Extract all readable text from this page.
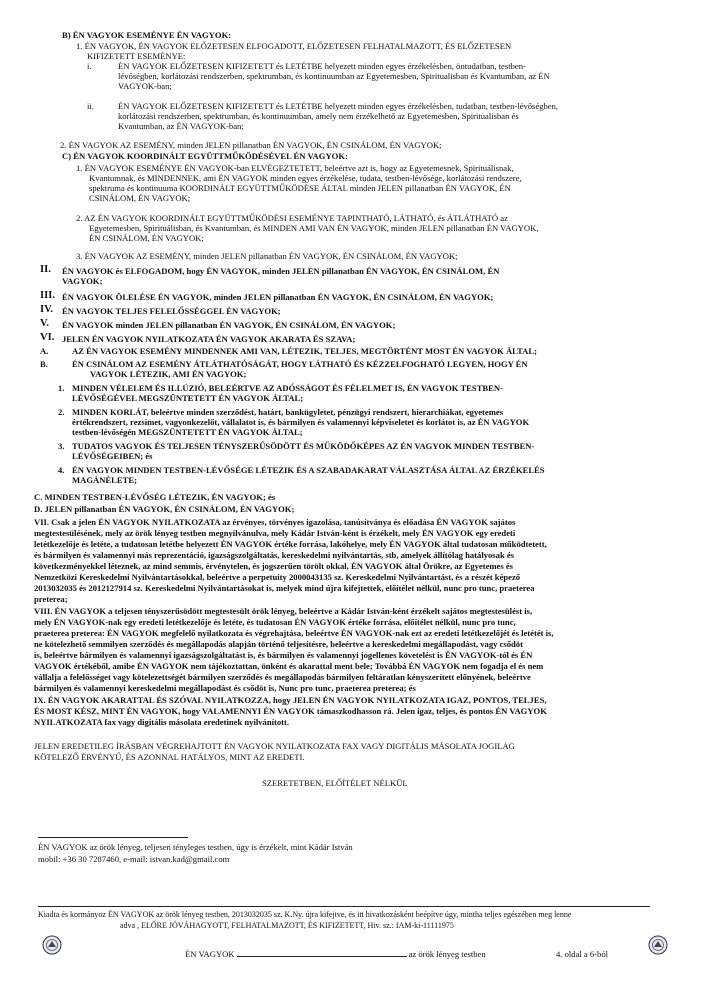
B) ÉN VAGYOK ESEMÉNYE ÉN VAGYOK:
1. ÉN VAGYOK, ÉN VAGYOK ELŐZETESEN ELFOGADOTT, ELŐZETESEN FELHATALMAZOTT, ÉS ELŐZETESEN
KIFIZETETT ESEMÉNYE:
i.	ÉN VAGYOK ELŐZETESEN KIFIZETETT és LETÉTBE helyezett minden egyes érzékelésben, öntudatban, testben-
lévőségben, korlátozási rendszerben, spektrumban, és kontinuumban az Egyetemesben, Spiritualisban és Kvantumban, az ÉN
VAGYOK-ban;
ii.	ÉN VAGYOK ELŐZETESEN KIFIZETETT és LETÉTBE helyezett minden egyes érzékelésben, tudatban, testben-lévőségben,
korlátozási rendszerben, spektrumban, és kontinuumban, amely nem érzékelhető az Egyetemesben, Spiritualisban és
Kvantumban, az ÉN VAGYOK-ban;
2. ÉN VAGYOK AZ ESEMÉNY, minden JELEN pillanatban ÉN VAGYOK, ÉN CSINÁLOM, ÉN VAGYOK;
C) ÉN VAGYOK KOORDINÁLT EGYÜTTMŰKÖDÉSÉVEL ÉN VAGYOK:
1. ÉN VAGYOK ESEMÉNYE ÉN VAGYOK-ban ELVÉGEZTETETT, beleértve azt is, hogy az Egyetemesnek, Spirituálisnak,
Kvantumnak, és MINDENNEK, ami ÉN VAGYOK minden egyes érzékelése, tudata, testben-lévősége, korlátozási rendszere,
spektruma és kontinuuma KOORDINÁLT EGYÜTTMŰKÖDÉSE ÁLTAL minden JELEN pillanatban ÉN VAGYOK, ÉN
CSINÁLOM, ÉN VAGYOK;
2. AZ ÉN VAGYOK KOORDINÁLT EGYÜTTMŰKÖDÉSI ESEMÉNYE TAPINTHATÓ, LÁTHATÓ, és ÁTLÁTHATÓ az
Egyetemesben, Spirituálisban, és Kvantumban, és MINDEN AMI VAN ÉN VAGYOK, minden JELEN pillanatban ÉN VAGYOK,
ÉN CSINÁLOM, ÉN VAGYOK;
3. ÉN VAGYOK AZ ESEMÉNY, minden JELEN pillanatban ÉN VAGYOK, ÉN CSINÁLOM, ÉN VAGYOK;
II. ÉN VAGYOK és ELFOGADOM, hogy ÉN VAGYOK, minden JELEN pillanatban ÉN VAGYOK, ÉN CSINÁLOM, ÉN
VAGYOK;
III. ÉN VAGYOK ÖLELÉSE ÉN VAGYOK, minden JELEN pillanatban ÉN VAGYOK, ÉN CSINÁLOM, ÉN VAGYOK;
IV. ÉN VAGYOK TELJES FELELŐSSÉGGEL ÉN VAGYOK;
V. ÉN VAGYOK minden JELEN pillanatban ÉN VAGYOK, ÉN CSINÁLOM, ÉN VAGYOK;
VI. JELEN ÉN VAGYOK NYILATKOZATA ÉN VAGYOK AKARATA ÉS SZAVA;
A.	AZ ÉN VAGYOK ESEMÉNY MINDENNEK AMI VAN, LÉTEZIK, TELJES, MEGTÖRTÉNT MOST ÉN VAGYOK ÁLTAL;
B.	ÉN CSINÁLOM AZ ESEMÉNY ÁTLÁTHATÓSÁGÁT, HOGY LÁTHATÓ ÉS KÉZZELFOGHATÓ LEGYEN, HOGY ÉN
VAGYOK LÉTEZIK, AMI ÉN VAGYOK;
1. MINDEN VÉLELEM ÉS ILLÚZIÓ, BELEÉRTVE AZ ADÓSSÁGOT ÉS FÉLELMET IS, ÉN VAGYOK TESTBEN-
LÉVŐSÉGÉVEL MEGSZÜNTETETT ÉN VAGYOK ÁLTAL;
2. MINDEN KORLÁT, beleértve minden szerződést, határt, bankügyletet, pénzügyi rendszert, hierarchiákat, egyetemes
értékrendszert, rezsimet, vagyonkezelőt, vállalatot is, és bármilyen és valamennyi képviseletet és korlátot is, az ÉN VAGYOK
testben-lévőségén MEGSZÜNTETETT ÉN VAGYOK ÁLTAL;
3. TUDATOS VAGYOK ÉS TELJESEN TÉNYSZERŰSÖDÖTT ÉS MŰKÖDŐKÉPES AZ ÉN VAGYOK MINDEN TESTBEN-
LÉVŐSÉGEIBEN; és
4. ÉN VAGYOK MINDEN TESTBEN-LÉVŐSÉGE LÉTEZIK ÉS A SZABADAKARAT VÁLASZTÁSA ÁLTAL AZ ÉRZÉKELÉS
MAGÁNÉLETE;
C. MINDEN TESTBEN-LÉVŐSÉG LÉTEZIK, ÉN VAGYOK; és
D. JELEN pillanatban ÉN VAGYOK, ÉN CSINÁLOM, ÉN VAGYOK;
VII. Csak a jelen ÉN VAGYOK NYILATKOZATA az érvényes, törvényes igazolása, tanúsítványa és előadása ÉN VAGYOK sajátos
megtestesülésének, mely az örök lényeg testben megnyilvánulva, mely Kádár István-ként is érzékelt, mely ÉN VAGYOK egy eredeti
letétkezelője és letéte, a tudatosan letétbe helyezett ÉN VAGYOK értéke forrása, lakóhelye, mely ÉN VAGYOK által tudatosan működtetett,
és bármilyen és valamennyi más reprezentáció, igazságszolgáltatás, kereskedelmi nyilvántartás, stb, amelyek állítólag hatályosak és
következményekkel léteznek, az mind semmis, érvénytelen, és jogszerűen törölt okkal, ÉN VAGYOK által Örökre, az Egyetemes és
Nemzetközi Kereskedelmi Nyilvántartásokkal, beleértve a perpetuity 2000043135 sz. Kereskedelmi Nyilvántartást, és a részét képező
2013032035 és 2012127914 sz. Kereskedelmi Nyilvántartásokat is, melyek mind újra kifejtettek, előítélet nélkül, nunc pro tunc, praeterea
preterea;
VIII. ÉN VAGYOK a teljesen tényszerűsödött megtestesült örök lényeg, beleértve a Kádár István-ként érzékelt sajátos megtestesülést is,
mely ÉN VAGYOK-nak egy eredeti letétkezelője és letéte, és tudatosan ÉN VAGYOK értéke forrása, előítélet nélkül, nunc pro tunc,
praeterea preterea: ÉN VAGYOK megfelelő nyilatkozata és végrehajtása, beleértve ÉN VAGYOK-nak ezt az eredeti letétkezelőjét és letétét is,
ne kötelezhető semmilyen szerződés és megállapodás alapján történő teljesítésre, beleértve a kereskedelmi megállapodást, vagy csődöt
is, beleértve bármilyen és valamennyi igazságszolgáltatást is, és bármilyen és valamennyi jogellenes követelést is ÉN VAGYOK-tól és ÉN
VAGYOK értékéből, amibe ÉN VAGYOK nem tájékoztattan, önként és akarattal ment bele; Továbbá ÉN VAGYOK nem fogadja el és nem
vállalja a felelősséget vagy kötelezettségét bármilyen szerződés és megállapodás bármilyen feltáratlan kényszerített előnyének, beleértve
bármilyen és valamennyi kereskedelmi megállapodást és csődöt is, Nunc pro tunc, praeterea preterea; és
IX. ÉN VAGYOK AKARATTAL ÉS SZÓVAL NYILATKOZZA, hogy JELEN ÉN VAGYOK NYILATKOZATA IGAZ, PONTOS, TELJES,
ÉS MOST KÉSZ, MINT ÉN VAGYOK, hogy VALAMENNYI ÉN VAGYOK támaszkodhasson rá. Jelen igaz, teljes, és pontos ÉN VAGYOK
NYILATKOZATA fax vagy digitális másolata eredetinek nyilvánított.
JELEN EREDETILEG ÍRÁSBAN VÉGREHAJTOTT ÉN VAGYOK NYILATKOZATA FAX VAGY DIGITÁLIS MÁSOLATA JOGILAG
KÖTELEZŐ ÉRVÉNYŰ, ÉS AZONNAL HATÁLYOS, MINT AZ EREDETI.
SZERETETBEN, ELŐÍTÉLET NÉLKÜL
ÉN VAGYOK az örök lényeg, teljesen tényleges testben, úgy is érzékelt, mint Kádár István
mobil: +36 30 7287460, e-mail: istvan.kad@gmail.com
Kiadta és kormányoz ÉN VAGYOK az örök lényeg testben, 2013032035 sz. K.Ny. újra kifejtve, és itt hivatkozásként beépítve úgy, mintha teljes egészében meg lenne
adva , ELŐRE JÓVÁHAGYOTT, FELHATALMAZOTT, ÉS KIFIZETETT, Hiv. sz.: IAM-ki-11111975
ÉN VAGYOK	az örök lényeg testben	4. oldal a 6-ból
